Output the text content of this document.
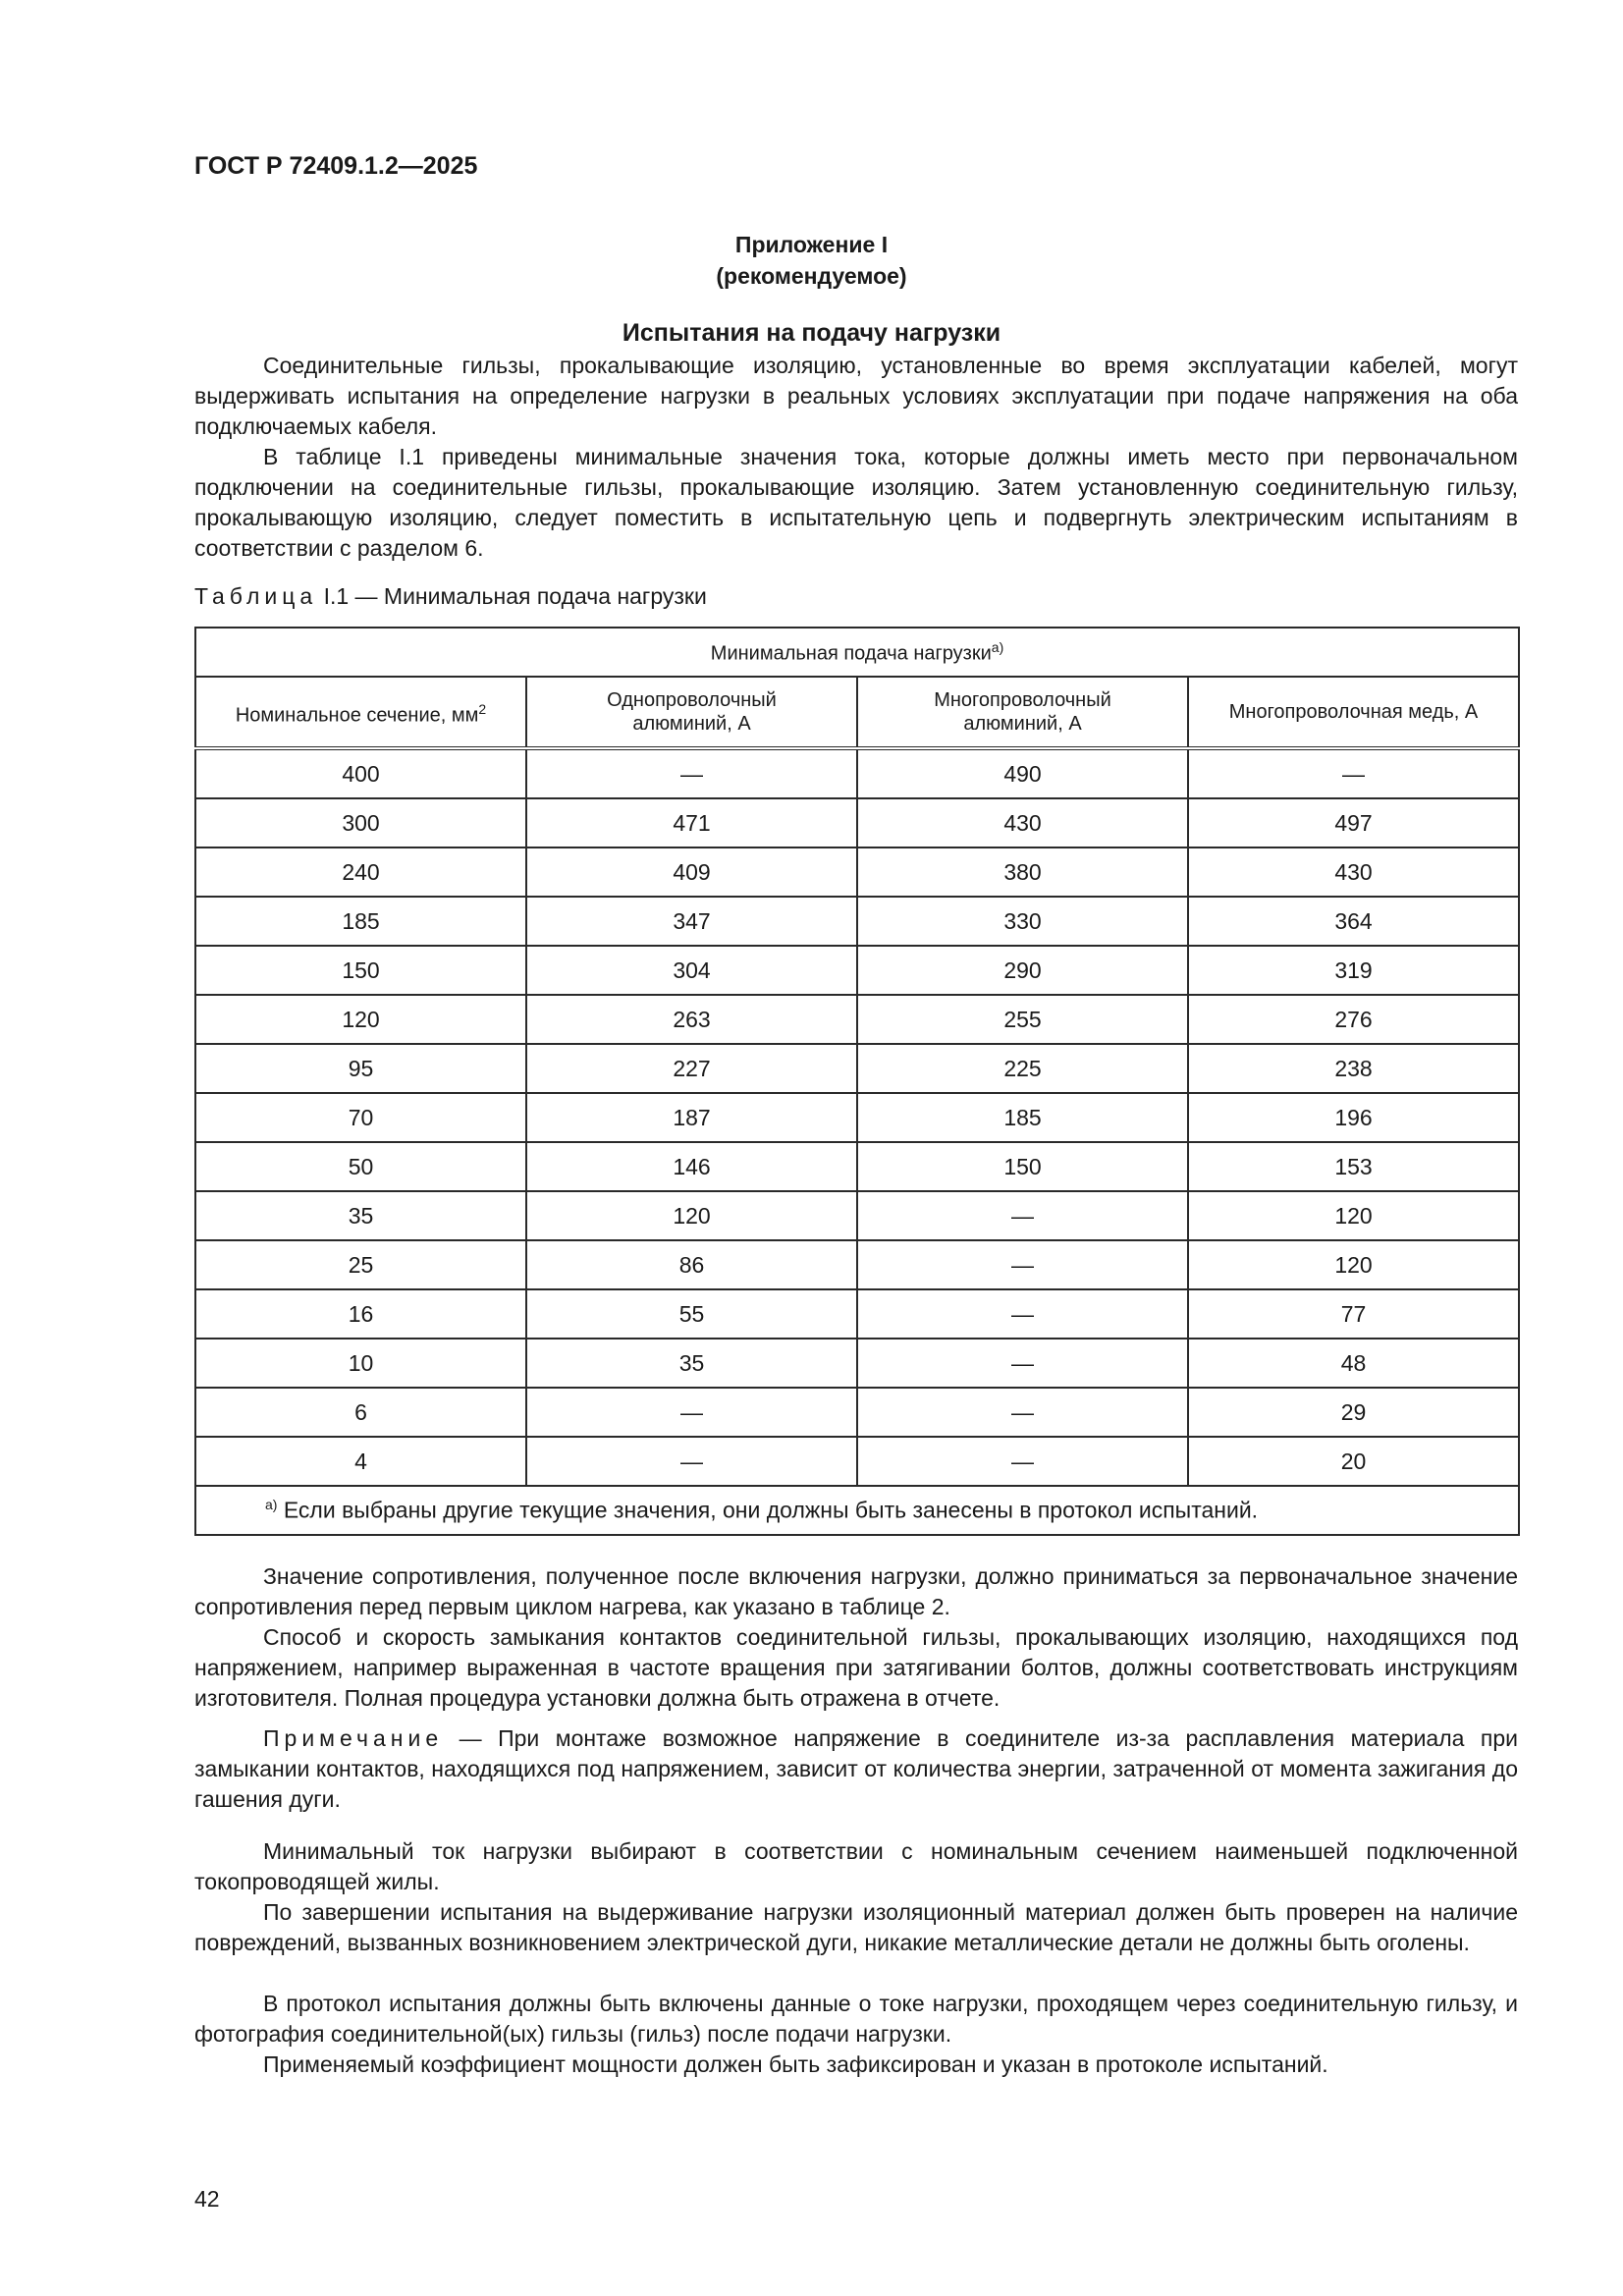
ГОСТ Р 72409.1.2—2025
Приложение I
(рекомендуемое)
Испытания на подачу нагрузки

Соединительные гильзы, прокалывающие изоляцию, установленные во время эксплуатации кабелей, могут выдерживать испытания на определение нагрузки в реальных условиях эксплуатации при подаче напряжения на оба подключаемых кабеля.

В таблице I.1 приведены минимальные значения тока, которые должны иметь место при первоначальном подключении на соединительные гильзы, прокалывающие изоляцию. Затем установленную соединительную гильзу, прокалывающую изоляцию, следует поместить в испытательную цепь и подвергнуть электрическим испытаниям в соответствии с разделом 6.

Таблица I.1 — Минимальная подача нагрузки
Минимальная подача нагрузки$^{а)}$
Номинальное сечение, $мм^2$	Однопроволочный алюминий, А	Многопроволочный алюминий, А	Многопроволочная медь, А
400	—	490	—
300	471	430	497
240	409	380	430
185	347	330	364
150	304	290	319
120	263	255	276
95	227	225	238
70	187	185	196
50	146	150	153
35	120	—	120
25	86	—	120
16	55	—	77
10	35	—	48
6	—	—	29
4	—	—	20
$^{а)}$ Если выбраны другие текущие значения, они должны быть занесены в протокол испытаний.			

Значение сопротивления, полученное после включения нагрузки, должно приниматься за первоначальное значение сопротивления перед первым циклом нагрева, как указано в таблице 2.

Способ и скорость замыкания контактов соединительной гильзы, прокалывающих изоляцию, находящихся под напряжением, например выраженная в частоте вращения при затягивании болтов, должны соответствовать инструкциям изготовителя. Полная процедура установки должна быть отражена в отчете.

Примечание — При монтаже возможное напряжение в соединителе из-за расплавления материала при замыкании контактов, находящихся под напряжением, зависит от количества энергии, затраченной от момента зажигания до гашения дуги.

Минимальный ток нагрузки выбирают в соответствии с номинальным сечением наименьшей подключенной токопроводящей жилы.

По завершении испытания на выдерживание нагрузки изоляционный материал должен быть проверен на наличие повреждений, вызванных возникновением электрической дуги, никакие металлические детали не должны быть оголены.

В протокол испытания должны быть включены данные о токе нагрузки, проходящем через соединительную гильзу, и фотография соединительной(ых) гильзы (гильз) после подачи нагрузки.

Применяемый коэффициент мощности должен быть зафиксирован и указан в протоколе испытаний.

42
